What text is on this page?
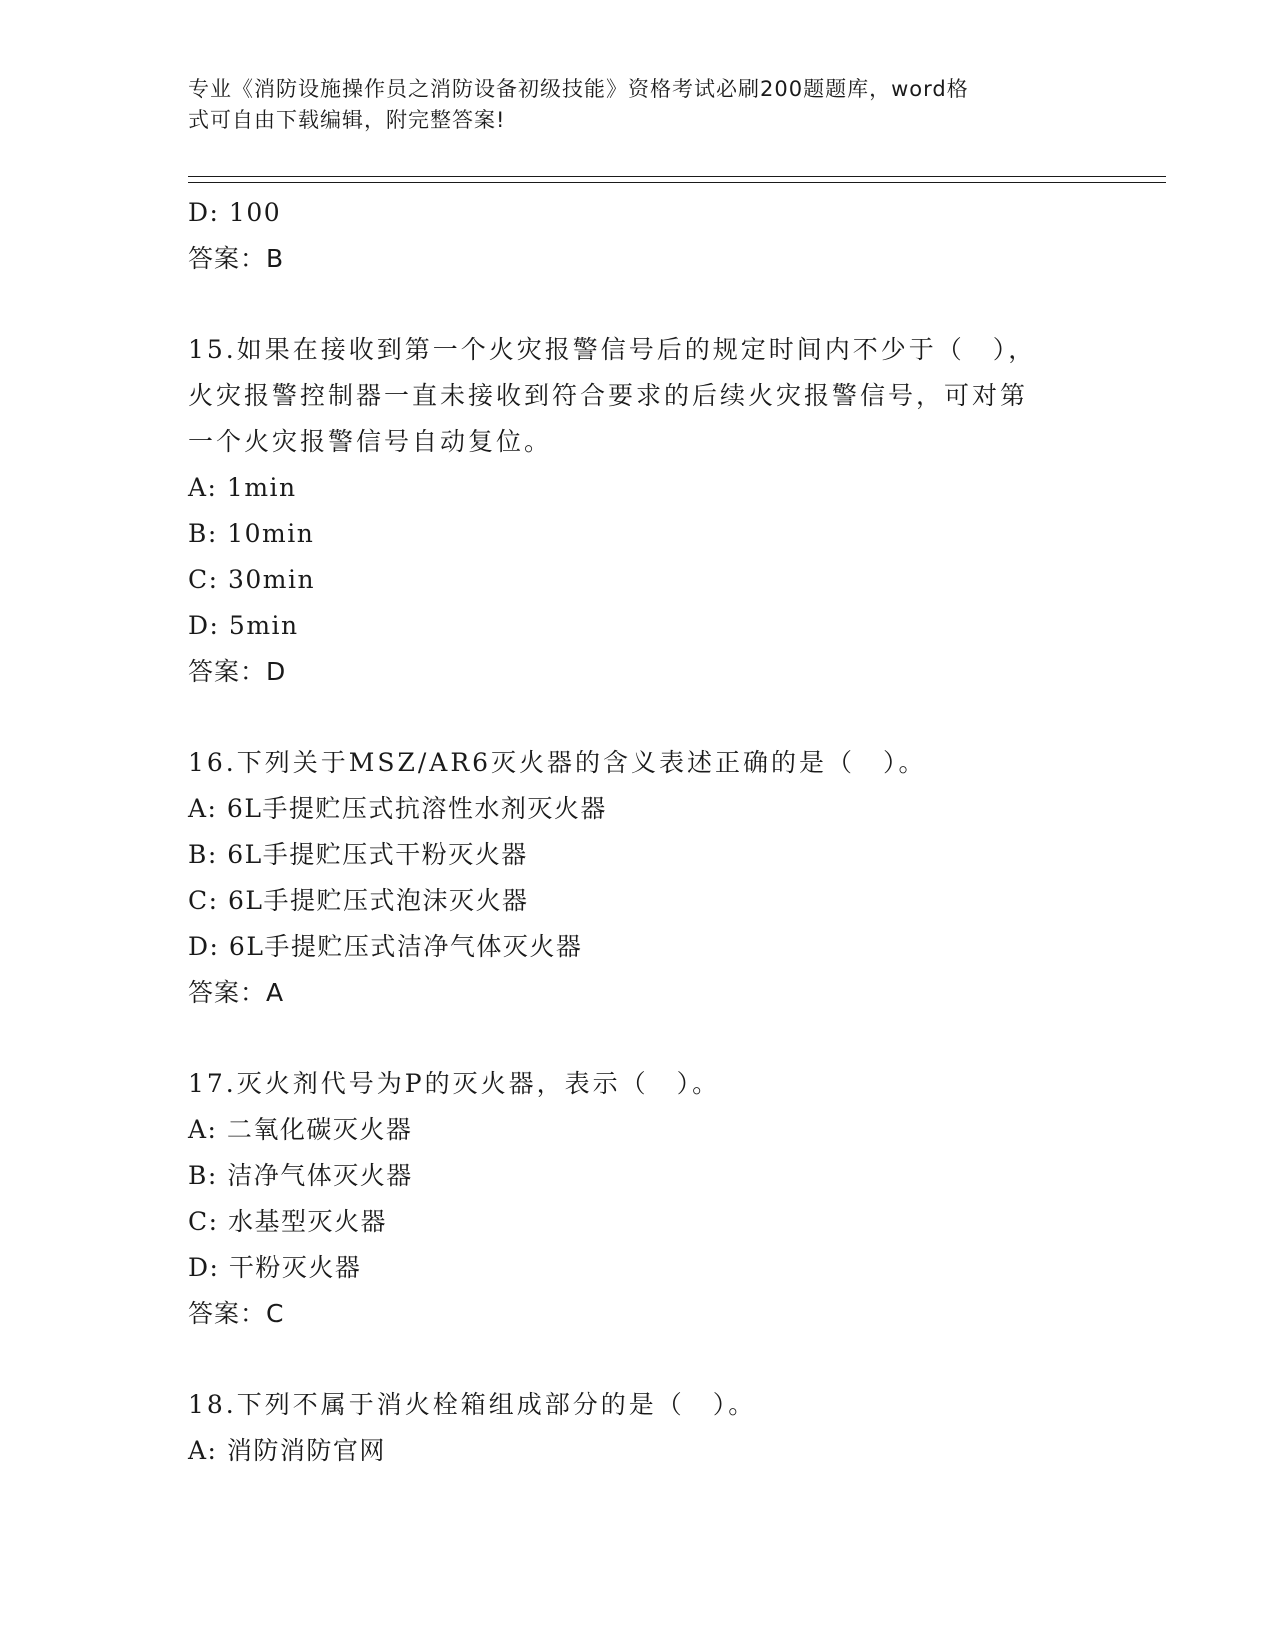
专业《消防设施操作员之消防设备初级技能》资格考试必刷200题题库，word格

式可自由下载编辑，附完整答案!

D: 100
答案：B

15.如果在接收到第一个火灾报警信号后的规定时间内不少于（　），

火灾报警控制器一直未接收到符合要求的后续火灾报警信号，可对第

一个火灾报警信号自动复位。

A: 1min
B: 10min
C: 30min
D: 5min
答案：D

16.下列关于MSZ/AR6灭火器的含义表述正确的是（　）。

A: 6L手提贮压式抗溶性水剂灭火器
B: 6L手提贮压式干粉灭火器
C: 6L手提贮压式泡沫灭火器
D: 6L手提贮压式洁净气体灭火器
答案：A

17.灭火剂代号为P的灭火器，表示（　）。

A: 二氧化碳灭火器
B: 洁净气体灭火器
C: 水基型灭火器
D: 干粉灭火器
答案：C

18.下列不属于消火栓箱组成部分的是（　）。

A: 消防消防官网
